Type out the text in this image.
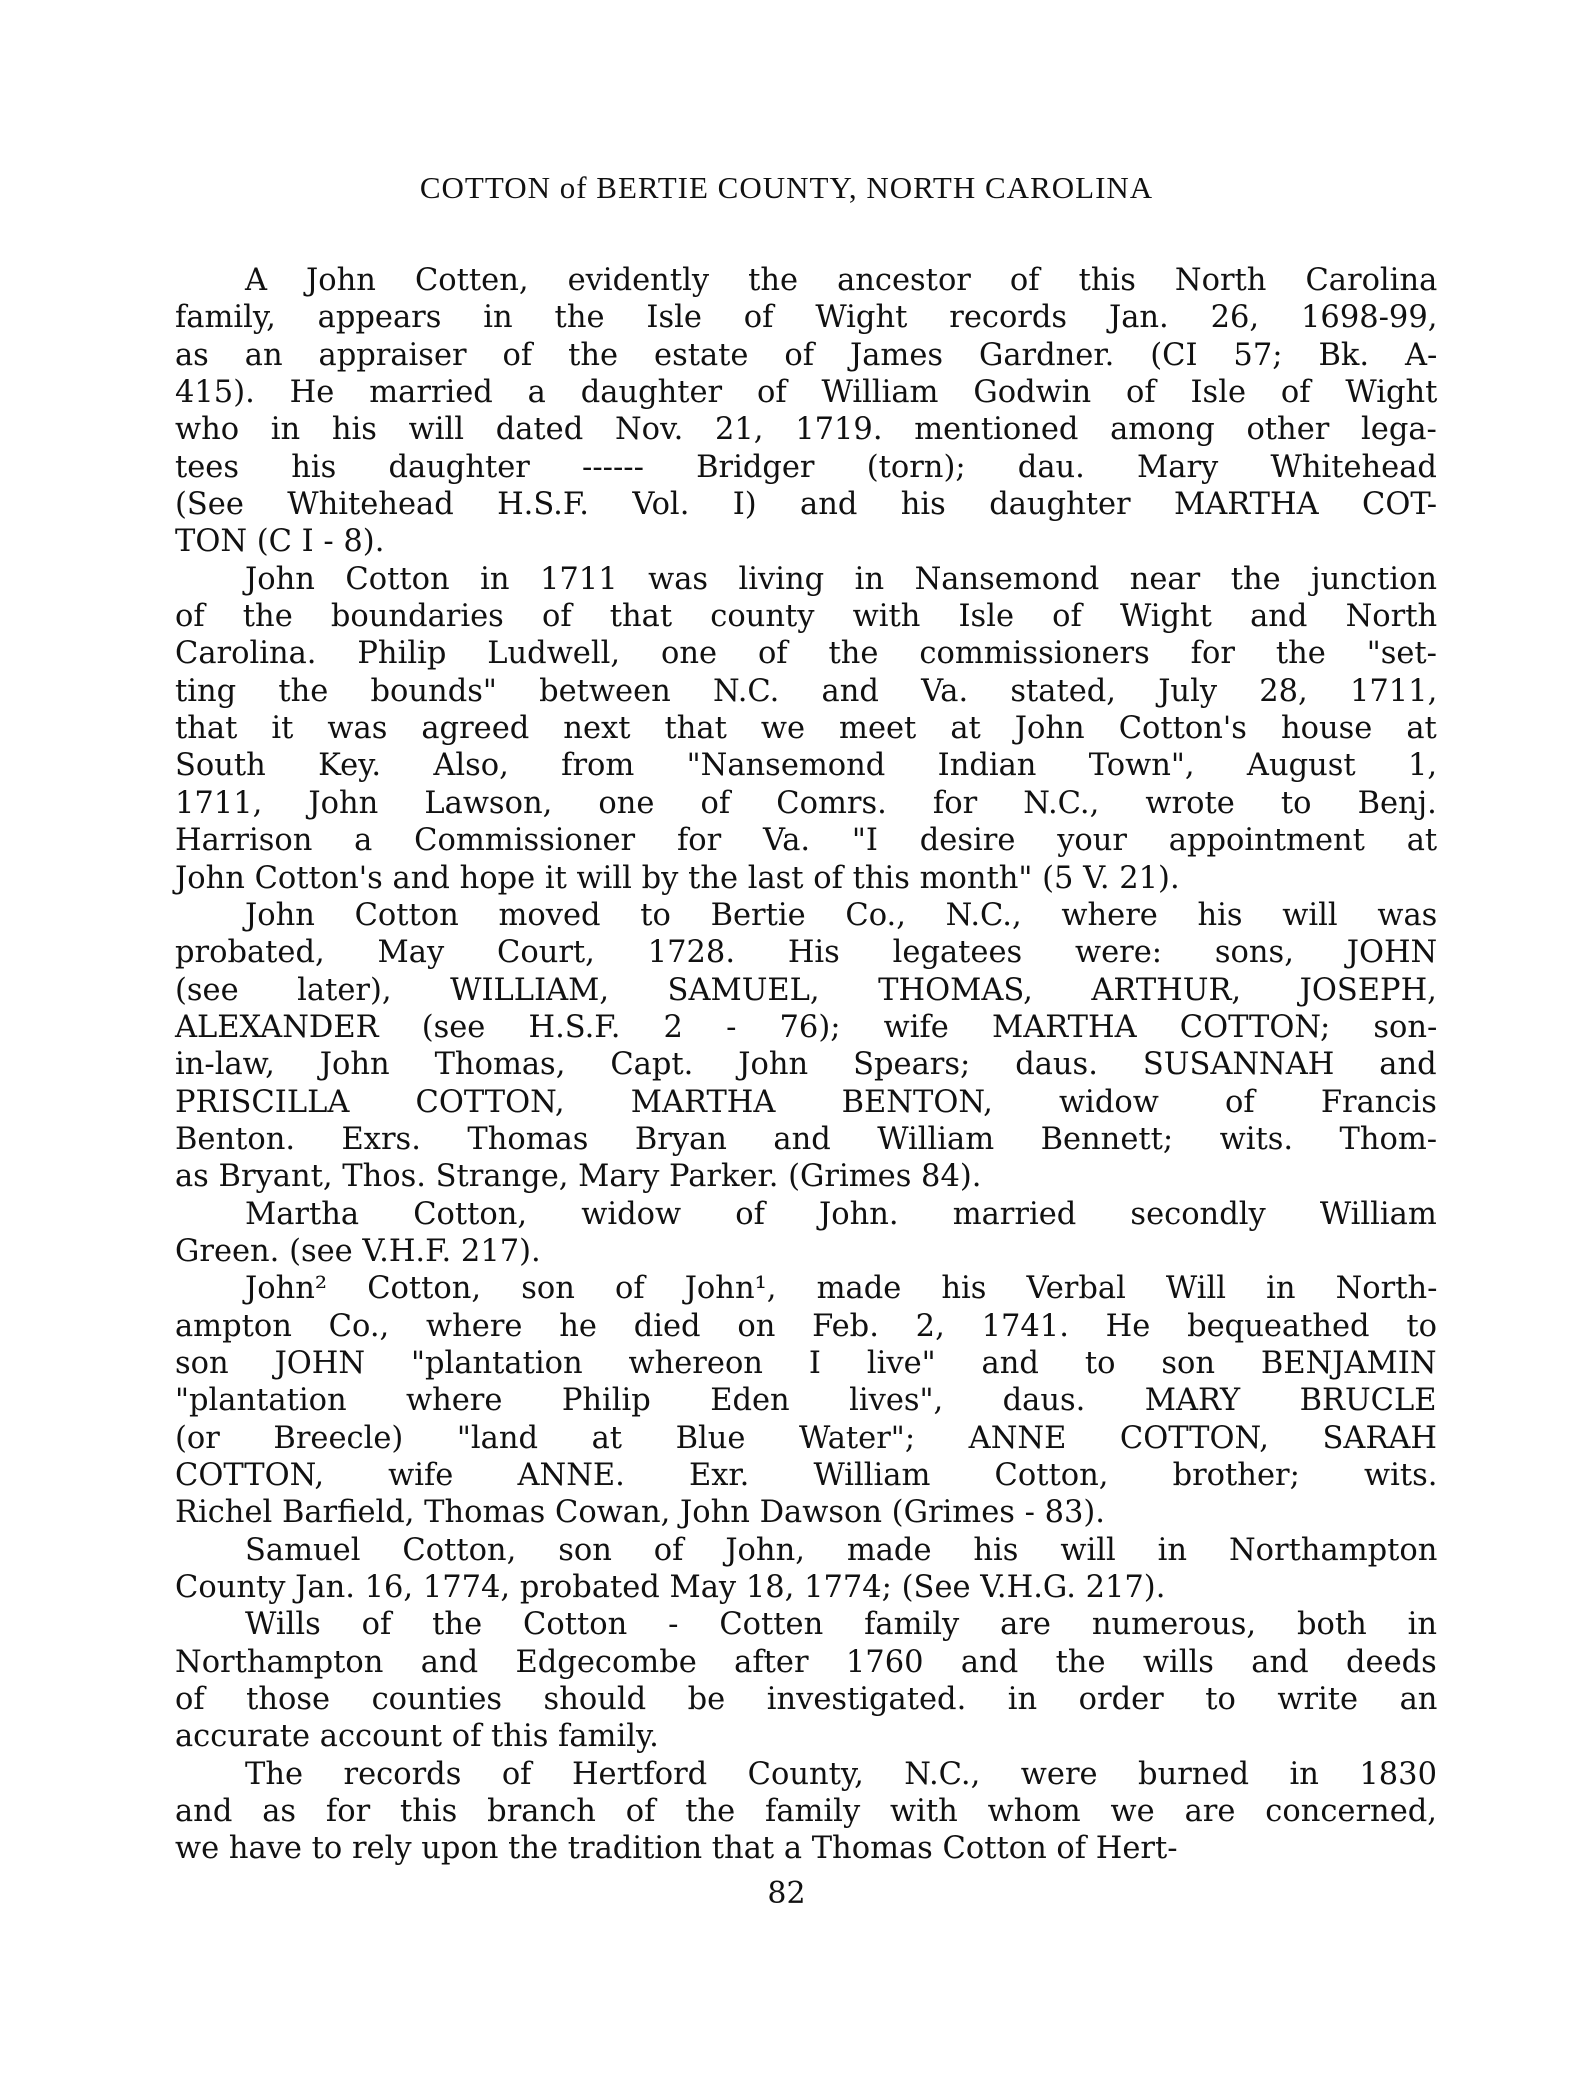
COTTON of BERTIE COUNTY, NORTH CAROLINA
A John Cotten, evidently the ancestor of this North Carolina
family, appears in the Isle of Wight records Jan. 26, 1698-99,
as an appraiser of the estate of James Gardner. (CI 57; Bk. A-
415). He married a daughter of William Godwin of Isle of Wight
who in his will dated Nov. 21, 1719. mentioned among other lega-
tees his daughter ------ Bridger (torn); dau. Mary Whitehead
(See Whitehead H.S.F. Vol. I) and his daughter MARTHA COT-
TON (C I - 8).
John Cotton in 1711 was living in Nansemond near the junction
of the boundaries of that county with Isle of Wight and North
Carolina. Philip Ludwell, one of the commissioners for the "set-
ting the bounds" between N.C. and Va. stated, July 28, 1711,
that it was agreed next that we meet at John Cotton's house at
South Key. Also, from "Nansemond Indian Town", August 1,
1711, John Lawson, one of Comrs. for N.C., wrote to Benj.
Harrison a Commissioner for Va. "I desire your appointment at
John Cotton's and hope it will by the last of this month" (5 V. 21).
John Cotton moved to Bertie Co., N.C., where his will was
probated, May Court, 1728. His legatees were: sons, JOHN
(see later), WILLIAM, SAMUEL, THOMAS, ARTHUR, JOSEPH,
ALEXANDER (see H.S.F. 2 - 76); wife MARTHA COTTON; son-
in-law, John Thomas, Capt. John Spears; daus. SUSANNAH and
PRISCILLA COTTON, MARTHA BENTON, widow of Francis
Benton. Exrs. Thomas Bryan and William Bennett; wits. Thom-
as Bryant, Thos. Strange, Mary Parker. (Grimes 84).
Martha Cotton, widow of John. married secondly William
Green. (see V.H.F. 217).
John² Cotton, son of John¹, made his Verbal Will in North-
ampton Co., where he died on Feb. 2, 1741. He bequeathed to
son JOHN "plantation whereon I live" and to son BENJAMIN
"plantation where Philip Eden lives", daus. MARY BRUCLE
(or Breecle) "land at Blue Water"; ANNE COTTON, SARAH
COTTON, wife ANNE. Exr. William Cotton, brother; wits.
Richel Barfield, Thomas Cowan, John Dawson (Grimes - 83).
Samuel Cotton, son of John, made his will in Northampton
County Jan. 16, 1774, probated May 18, 1774; (See V.H.G. 217).
Wills of the Cotton - Cotten family are numerous, both in
Northampton and Edgecombe after 1760 and the wills and deeds
of those counties should be investigated. in order to write an
accurate account of this family.
The records of Hertford County, N.C., were burned in 1830
and as for this branch of the family with whom we are concerned,
we have to rely upon the tradition that a Thomas Cotton of Hert-
82
